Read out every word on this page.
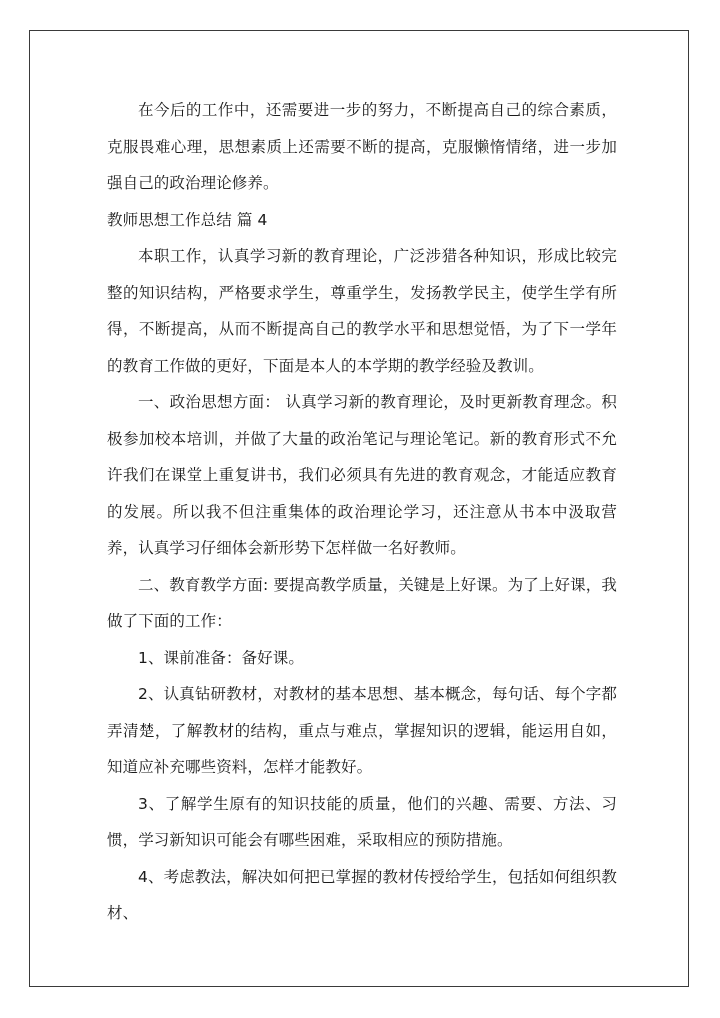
在今后的工作中，还需要进一步的努力，不断提高自己的综合素质，克服畏难心理，思想素质上还需要不断的提高，克服懒惰情绪，进一步加强自己的政治理论修养。

教师思想工作总结 篇 4

本职工作，认真学习新的教育理论，广泛涉猎各种知识，形成比较完整的知识结构，严格要求学生，尊重学生，发扬教学民主，使学生学有所得，不断提高，从而不断提高自己的教学水平和思想觉悟，为了下一学年的教育工作做的更好，下面是本人的本学期的教学经验及教训。

一、政治思想方面： 认真学习新的教育理论，及时更新教育理念。积极参加校本培训，并做了大量的政治笔记与理论笔记。新的教育形式不允许我们在课堂上重复讲书，我们必须具有先进的教育观念，才能适应教育的发展。所以我不但注重集体的政治理论学习，还注意从书本中汲取营养，认真学习仔细体会新形势下怎样做一名好教师。

二、教育教学方面: 要提高教学质量，关键是上好课。为了上好课，我做了下面的工作：

1、课前准备：备好课。

2、认真钻研教材，对教材的基本思想、基本概念，每句话、每个字都弄清楚，了解教材的结构，重点与难点，掌握知识的逻辑，能运用自如，知道应补充哪些资料，怎样才能教好。

3、了解学生原有的知识技能的质量，他们的兴趣、需要、方法、习惯，学习新知识可能会有哪些困难，采取相应的预防措施。

4、考虑教法，解决如何把已掌握的教材传授给学生，包括如何组织教材、
